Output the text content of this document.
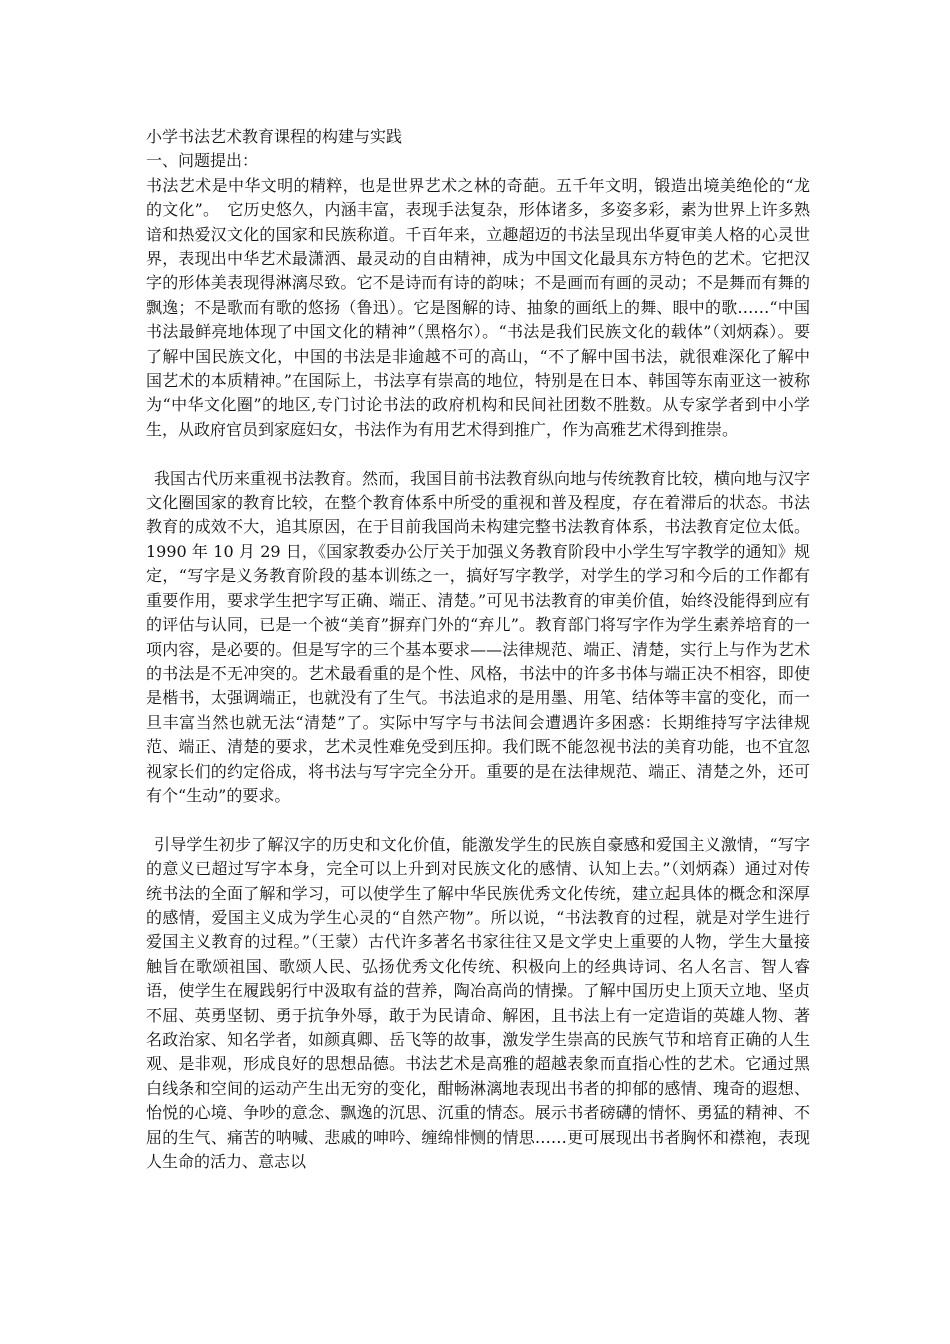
小学书法艺术教育课程的构建与实践

一、问题提出：

书法艺术是中华文明的精粹，也是世界艺术之林的奇葩。五千年文明，锻造出境美绝伦的“龙的文化”。　它历史悠久，内涵丰富，表现手法复杂，形体诸多，多姿多彩，素为世界上许多熟谙和热爱汉文化的国家和民族称道。千百年来，立趣超迈的书法呈现出华夏审美人格的心灵世界，表现出中华艺术最潇洒、最灵动的自由精神，成为中国文化最具东方特色的艺术。它把汉字的形体美表现得淋漓尽致。它不是诗而有诗的韵味；不是画而有画的灵动；不是舞而有舞的飘逸；不是歌而有歌的悠扬（鲁迅）。它是图解的诗、抽象的画纸上的舞、眼中的歌……“中国书法最鲜亮地体现了中国文化的精神”（黑格尔）。“书法是我们民族文化的载体”（刘炳森）。要了解中国民族文化，中国的书法是非逾越不可的高山，“不了解中国书法，就很难深化了解中国艺术的本质精神。”在国际上，书法享有崇高的地位，特别是在日本、韩国等东南亚这一被称为“中华文化圈”的地区,专门讨论书法的政府机构和民间社团数不胜数。从专家学者到中小学生，从政府官员到家庭妇女，书法作为有用艺术得到推广，作为高雅艺术得到推崇。

我国古代历来重视书法教育。然而，我国目前书法教育纵向地与传统教育比较，横向地与汉字文化圈国家的教育比较，在整个教育体系中所受的重视和普及程度，存在着滞后的状态。书法教育的成效不大，追其原因，在于目前我国尚未构建完整书法教育体系，书法教育定位太低。1990 年 10 月 29 日，《国家教委办公厅关于加强义务教育阶段中小学生写字教学的通知》规定，“写字是义务教育阶段的基本训练之一，搞好写字教学，对学生的学习和今后的工作都有重要作用，要求学生把字写正确、端正、清楚。”可见书法教育的审美价值，始终没能得到应有的评估与认同，已是一个被“美育”摒弃门外的“弃儿”。教育部门将写字作为学生素养培育的一项内容，是必要的。但是写字的三个基本要求——法律规范、端正、清楚，实行上与作为艺术的书法是不无冲突的。艺术最看重的是个性、风格，书法中的许多书体与端正决不相容，即使是楷书，太强调端正，也就没有了生气。书法追求的是用墨、用笔、结体等丰富的变化，而一旦丰富当然也就无法“清楚”了。实际中写字与书法间会遭遇许多困惑：长期维持写字法律规范、端正、清楚的要求，艺术灵性难免受到压抑。我们既不能忽视书法的美育功能，也不宜忽视家长们的约定俗成，将书法与写字完全分开。重要的是在法律规范、端正、清楚之外，还可有个“生动”的要求。

引导学生初步了解汉字的历史和文化价值，能激发学生的民族自豪感和爱国主义激情，“写字的意义已超过写字本身，完全可以上升到对民族文化的感情、认知上去。”（刘炳森）通过对传统书法的全面了解和学习，可以使学生了解中华民族优秀文化传统，建立起具体的概念和深厚的感情，爱国主义成为学生心灵的“自然产物”。所以说，“书法教育的过程，就是对学生进行爱国主义教育的过程。”（王蒙）古代许多著名书家往往又是文学史上重要的人物，学生大量接触旨在歌颂祖国、歌颂人民、弘扬优秀文化传统、积极向上的经典诗词、名人名言、智人睿语，使学生在履践躬行中汲取有益的营养，陶冶高尚的情操。了解中国历史上顶天立地、坚贞不屈、英勇坚韧、勇于抗争外辱，敢于为民请命、解困，且书法上有一定造诣的英雄人物、著名政治家、知名学者，如颜真卿、岳飞等的故事，激发学生崇高的民族气节和培育正确的人生观、是非观，形成良好的思想品德。书法艺术是高雅的超越表象而直指心性的艺术。它通过黑白线条和空间的运动产生出无穷的变化，酣畅淋漓地表现出书者的抑郁的感情、瑰奇的遐想、怡悦的心境、争吵的意念、飘逸的沉思、沉重的情态。展示书者磅礴的情怀、勇猛的精神、不屈的生气、痛苦的呐喊、悲戚的呻吟、缠绵悱恻的情思……更可展现出书者胸怀和襟袍，表现人生命的活力、意志以
